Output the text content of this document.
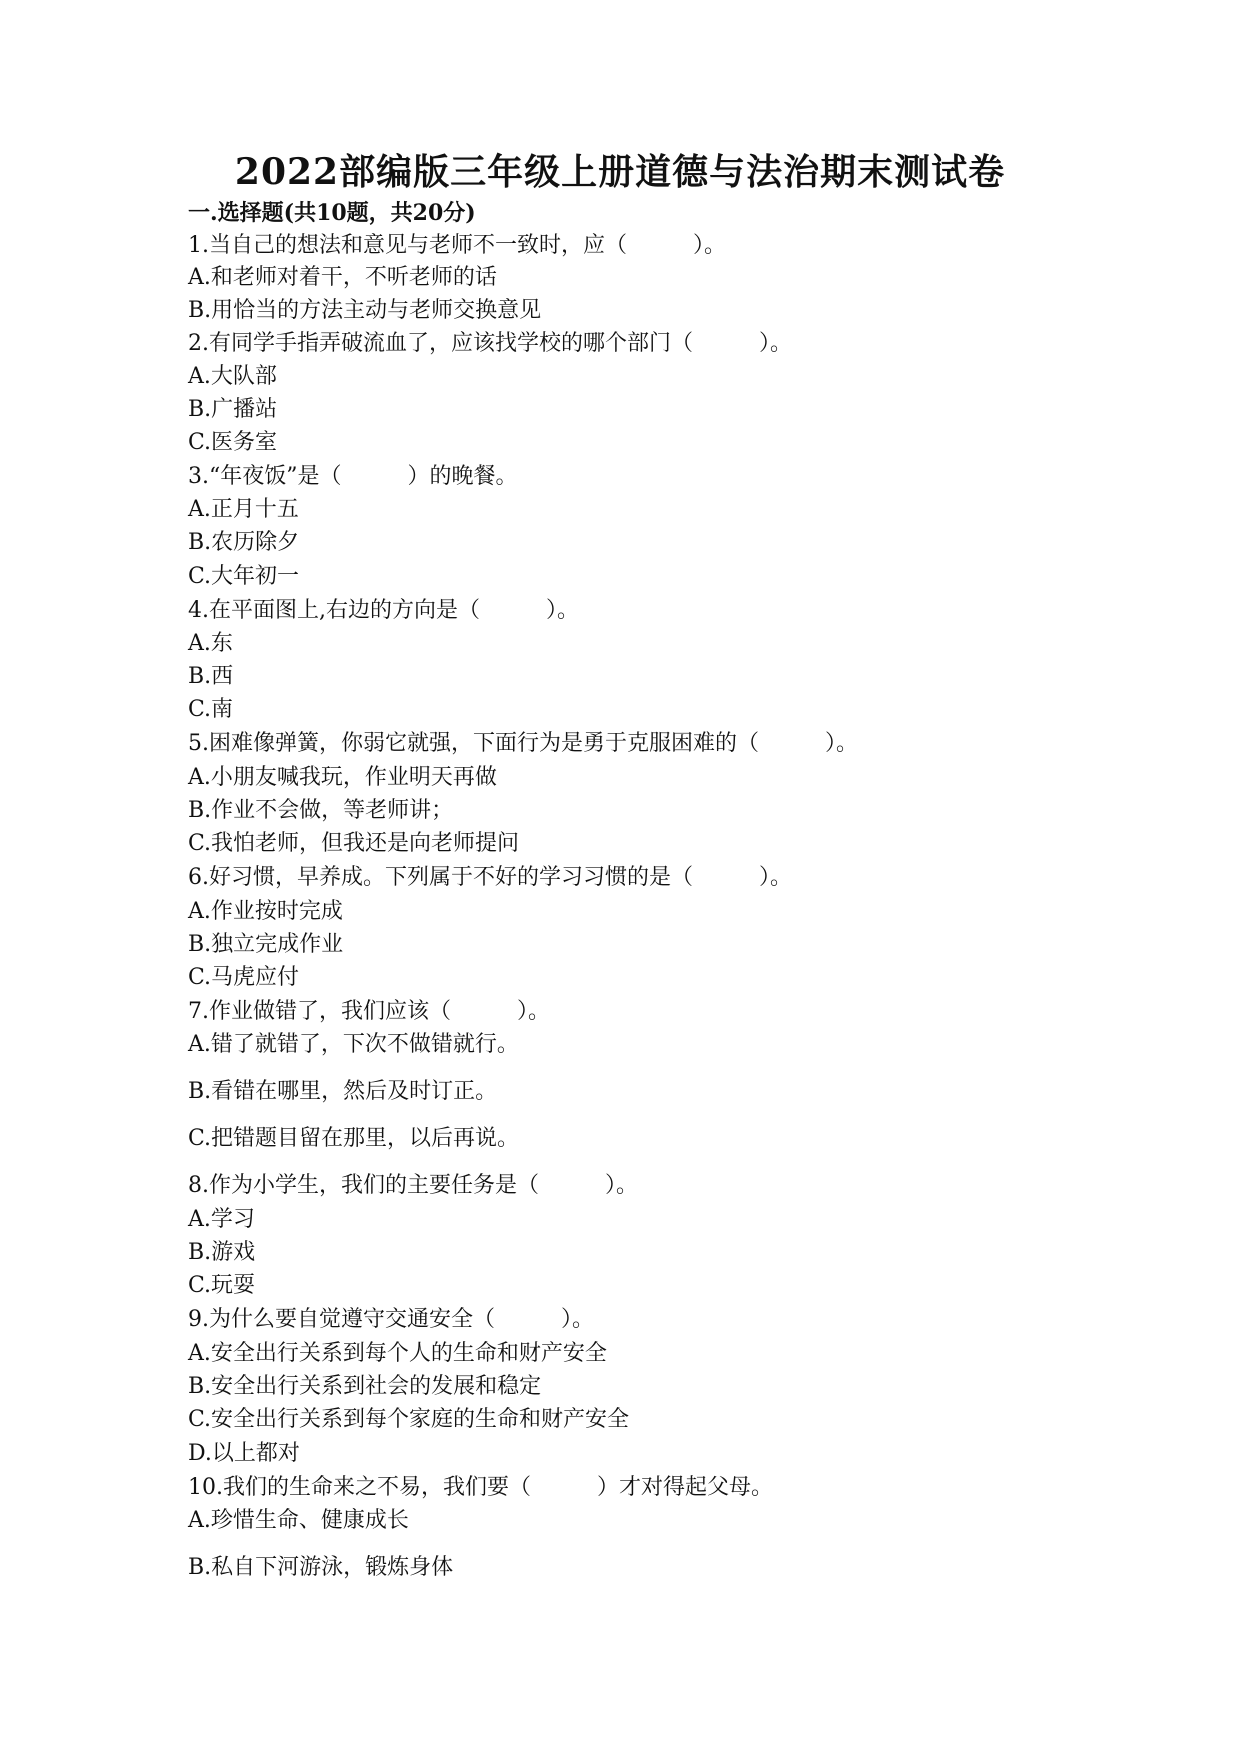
2022部编版三年级上册道德与法治期末测试卷
一.选择题(共10题，共20分)
1.当自己的想法和意见与老师不一致时，应（　　　）。
A.和老师对着干，不听老师的话
B.用恰当的方法主动与老师交换意见
2.有同学手指弄破流血了，应该找学校的哪个部门（　　　）。
A.大队部
B.广播站
C.医务室
3.“年夜饭”是（　　　）的晚餐。
A.正月十五
B.农历除夕
C.大年初一
4.在平面图上,右边的方向是（　　　）。
A.东
B.西
C.南
5.困难像弹簧，你弱它就强，下面行为是勇于克服困难的（　　　）。
A.小朋友喊我玩，作业明天再做
B.作业不会做，等老师讲；
C.我怕老师，但我还是向老师提问
6.好习惯，早养成。下列属于不好的学习习惯的是（　　　）。
A.作业按时完成
B.独立完成作业
C.马虎应付
7.作业做错了，我们应该（　　　）。
A.错了就错了，下次不做错就行。
B.看错在哪里，然后及时订正。
C.把错题目留在那里，以后再说。
8.作为小学生，我们的主要任务是（　　　）。
A.学习
B.游戏
C.玩耍
9.为什么要自觉遵守交通安全（　　　）。
A.安全出行关系到每个人的生命和财产安全
B.安全出行关系到社会的发展和稳定
C.安全出行关系到每个家庭的生命和财产安全
D.以上都对
10.我们的生命来之不易，我们要（　　　）才对得起父母。
A.珍惜生命、健康成长
B.私自下河游泳，锻炼身体
